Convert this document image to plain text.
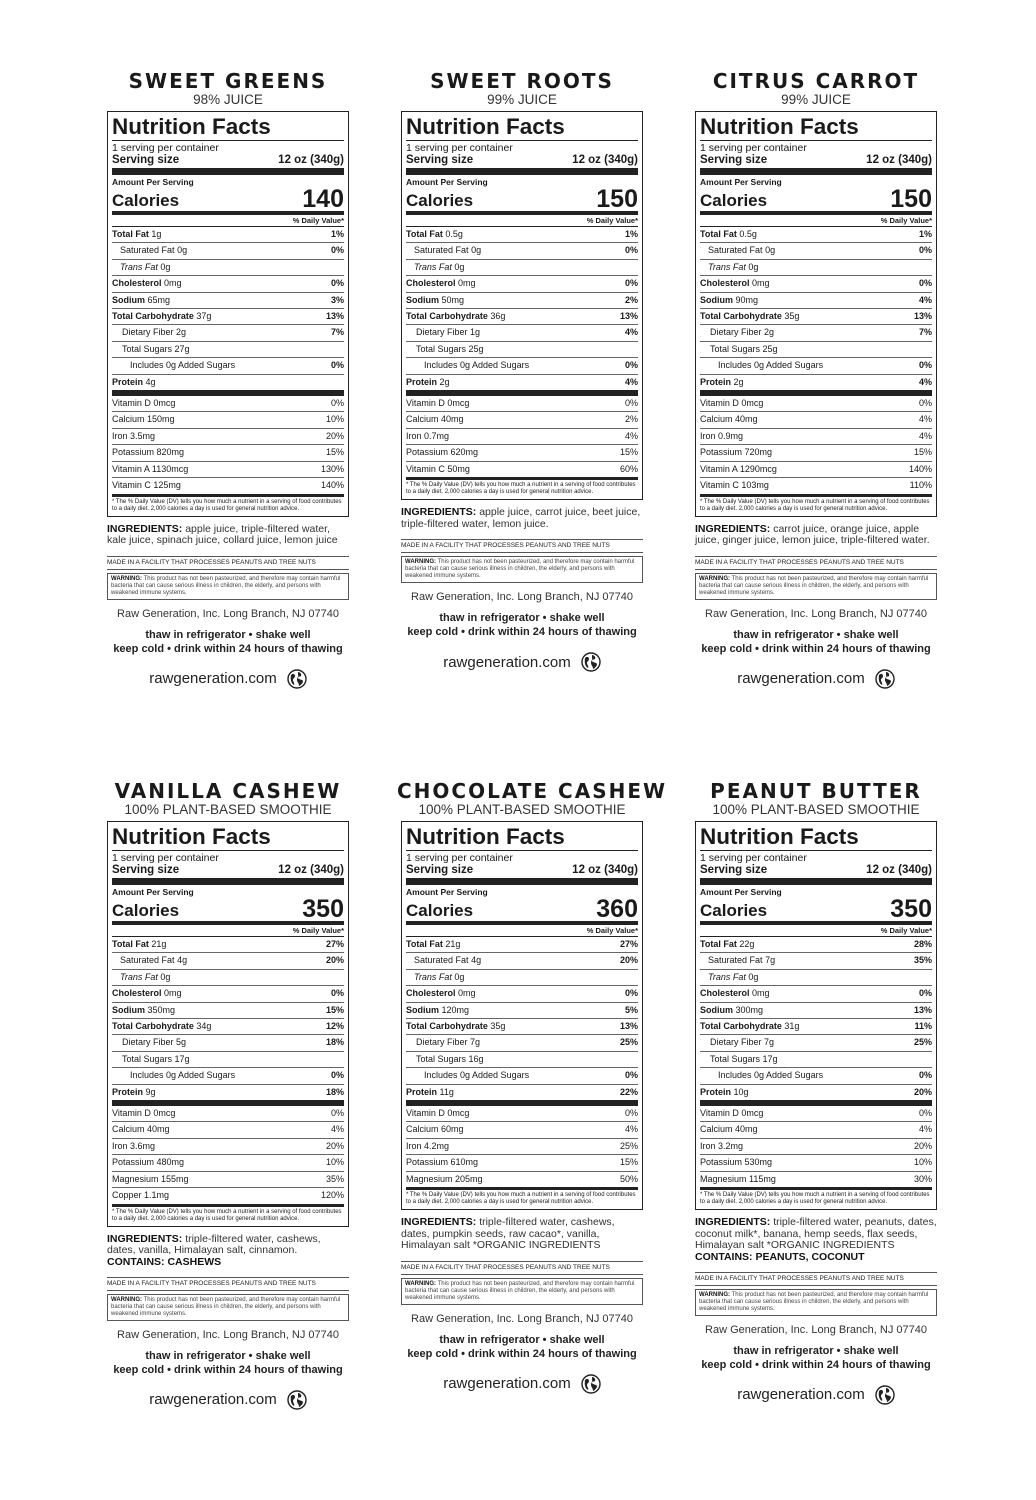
SWEET GREENS
98% JUICE
Nutrition Facts
1 serving per container
Serving size	12 oz (340g)
Amount Per Serving
Calories	140
% Daily Value*
Total Fat 1g	1%
Saturated Fat 0g	0%
Trans Fat 0g
Cholesterol 0mg	0%
Sodium 65mg	3%
Total Carbohydrate 37g	13%
Dietary Fiber 2g	7%
Total Sugars 27g
Includes 0g Added Sugars	0%
Protein 4g
Vitamin D 0mcg	0%
Calcium 150mg	10%
Iron 3.5mg	20%
Potassium 820mg	15%
Vitamin A 1130mcg	130%
Vitamin C 125mg	140%
* The % Daily Value (DV) tells you how much a nutrient in a serving of food contributes to a daily diet. 2,000 calories a day is used for general nutrition advice.
INGREDIENTS: apple juice, triple-filtered water, kale juice, spinach juice, collard juice, lemon juice
MADE IN A FACILITY THAT PROCESSES PEANUTS AND TREE NUTS
WARNING: This product has not been pasteurized, and therefore may contain harmful bacteria that can cause serious illness in children, the elderly, and persons with weakened immune systems.
Raw Generation, Inc. Long Branch, NJ 07740
thaw in refrigerator • shake well
keep cold • drink within 24 hours of thawing
rawgeneration.com
SWEET ROOTS
99% JUICE
Nutrition Facts
1 serving per container
Serving size	12 oz (340g)
Amount Per Serving
Calories	150
% Daily Value*
Total Fat 0.5g	1%
Saturated Fat 0g	0%
Trans Fat 0g
Cholesterol 0mg	0%
Sodium 50mg	2%
Total Carbohydrate 36g	13%
Dietary Fiber 1g	4%
Total Sugars 25g
Includes 0g Added Sugars	0%
Protein 2g	4%
Vitamin D 0mcg	0%
Calcium 40mg	2%
Iron 0.7mg	4%
Potassium 620mg	15%
Vitamin C 50mg	60%
* The % Daily Value (DV) tells you how much a nutrient in a serving of food contributes to a daily diet. 2,000 calories a day is used for general nutrition advice.
INGREDIENTS: apple juice, carrot juice, beet juice, triple-filtered water, lemon juice.
MADE IN A FACILITY THAT PROCESSES PEANUTS AND TREE NUTS
WARNING: This product has not been pasteurized, and therefore may contain harmful bacteria that can cause serious illness in children, the elderly, and persons with weakened immune systems.
Raw Generation, Inc. Long Branch, NJ 07740
thaw in refrigerator • shake well
keep cold • drink within 24 hours of thawing
rawgeneration.com
CITRUS CARROT
99% JUICE
Nutrition Facts
1 serving per container
Serving size	12 oz (340g)
Amount Per Serving
Calories	150
% Daily Value*
Total Fat 0.5g	1%
Saturated Fat 0g	0%
Trans Fat 0g
Cholesterol 0mg	0%
Sodium 90mg	4%
Total Carbohydrate 35g	13%
Dietary Fiber 2g	7%
Total Sugars 25g
Includes 0g Added Sugars	0%
Protein 2g	4%
Vitamin D 0mcg	0%
Calcium 40mg	4%
Iron 0.9mg	4%
Potassium 720mg	15%
Vitamin A 1290mcg	140%
Vitamin C 103mg	110%
* The % Daily Value (DV) tells you how much a nutrient in a serving of food contributes to a daily diet. 2,000 calories a day is used for general nutrition advice.
INGREDIENTS: carrot juice, orange juice, apple juice, ginger juice, lemon juice, triple-filtered water.
MADE IN A FACILITY THAT PROCESSES PEANUTS AND TREE NUTS
WARNING: This product has not been pasteurized, and therefore may contain harmful bacteria that can cause serious illness in children, the elderly, and persons with weakened immune systems.
Raw Generation, Inc. Long Branch, NJ 07740
thaw in refrigerator • shake well
keep cold • drink within 24 hours of thawing
rawgeneration.com
VANILLA CASHEW
100% PLANT-BASED SMOOTHIE
Nutrition Facts
1 serving per container
Serving size	12 oz (340g)
Amount Per Serving
Calories	350
% Daily Value*
Total Fat 21g	27%
Saturated Fat 4g	20%
Trans Fat 0g
Cholesterol 0mg	0%
Sodium 350mg	15%
Total Carbohydrate 34g	12%
Dietary Fiber 5g	18%
Total Sugars 17g
Includes 0g Added Sugars	0%
Protein 9g	18%
Vitamin D 0mcg	0%
Calcium 40mg	4%
Iron 3.6mg	20%
Potassium 480mg	10%
Magnesium 155mg	35%
Copper 1.1mg	120%
* The % Daily Value (DV) tells you how much a nutrient in a serving of food contributes to a daily diet. 2,000 calories a day is used for general nutrition advice.
INGREDIENTS: triple-filtered water, cashews, dates, vanilla, Himalayan salt, cinnamon.
CONTAINS: CASHEWS
MADE IN A FACILITY THAT PROCESSES PEANUTS AND TREE NUTS
WARNING: This product has not been pasteurized, and therefore may contain harmful bacteria that can cause serious illness in children, the elderly, and persons with weakened immune systems.
Raw Generation, Inc. Long Branch, NJ 07740
thaw in refrigerator • shake well
keep cold • drink within 24 hours of thawing
rawgeneration.com
CHOCOLATE CASHEW
100% PLANT-BASED SMOOTHIE
Nutrition Facts
1 serving per container
Serving size	12 oz (340g)
Amount Per Serving
Calories	360
% Daily Value*
Total Fat 21g	27%
Saturated Fat 4g	20%
Trans Fat 0g
Cholesterol 0mg	0%
Sodium 120mg	5%
Total Carbohydrate 35g	13%
Dietary Fiber 7g	25%
Total Sugars 16g
Includes 0g Added Sugars	0%
Protein 11g	22%
Vitamin D 0mcg	0%
Calcium 60mg	4%
Iron 4.2mg	25%
Potassium 610mg	15%
Magnesium 205mg	50%
* The % Daily Value (DV) tells you how much a nutrient in a serving of food contributes to a daily diet. 2,000 calories a day is used for general nutrition advice.
INGREDIENTS: triple-filtered water, cashews, dates, pumpkin seeds, raw cacao*, vanilla, Himalayan salt *ORGANIC INGREDIENTS
MADE IN A FACILITY THAT PROCESSES PEANUTS AND TREE NUTS
WARNING: This product has not been pasteurized, and therefore may contain harmful bacteria that can cause serious illness in children, the elderly, and persons with weakened immune systems.
Raw Generation, Inc. Long Branch, NJ 07740
thaw in refrigerator • shake well
keep cold • drink within 24 hours of thawing
rawgeneration.com
PEANUT BUTTER
100% PLANT-BASED SMOOTHIE
Nutrition Facts
1 serving per container
Serving size	12 oz (340g)
Amount Per Serving
Calories	350
% Daily Value*
Total Fat 22g	28%
Saturated Fat 7g	35%
Trans Fat 0g
Cholesterol 0mg	0%
Sodium 300mg	13%
Total Carbohydrate 31g	11%
Dietary Fiber 7g	25%
Total Sugars 17g
Includes 0g Added Sugars	0%
Protein 10g	20%
Vitamin D 0mcg	0%
Calcium 40mg	4%
Iron 3.2mg	20%
Potassium 530mg	10%
Magnesium 115mg	30%
* The % Daily Value (DV) tells you how much a nutrient in a serving of food contributes to a daily diet. 2,000 calories a day is used for general nutrition advice.
INGREDIENTS: triple-filtered water, peanuts, dates, coconut milk*, banana, hemp seeds, flax seeds, Himalayan salt *ORGANIC INGREDIENTS
CONTAINS: PEANUTS, COCONUT
MADE IN A FACILITY THAT PROCESSES PEANUTS AND TREE NUTS
WARNING: This product has not been pasteurized, and therefore may contain harmful bacteria that can cause serious illness in children, the elderly, and persons with weakened immune systems.
Raw Generation, Inc. Long Branch, NJ 07740
thaw in refrigerator • shake well
keep cold • drink within 24 hours of thawing
rawgeneration.com
